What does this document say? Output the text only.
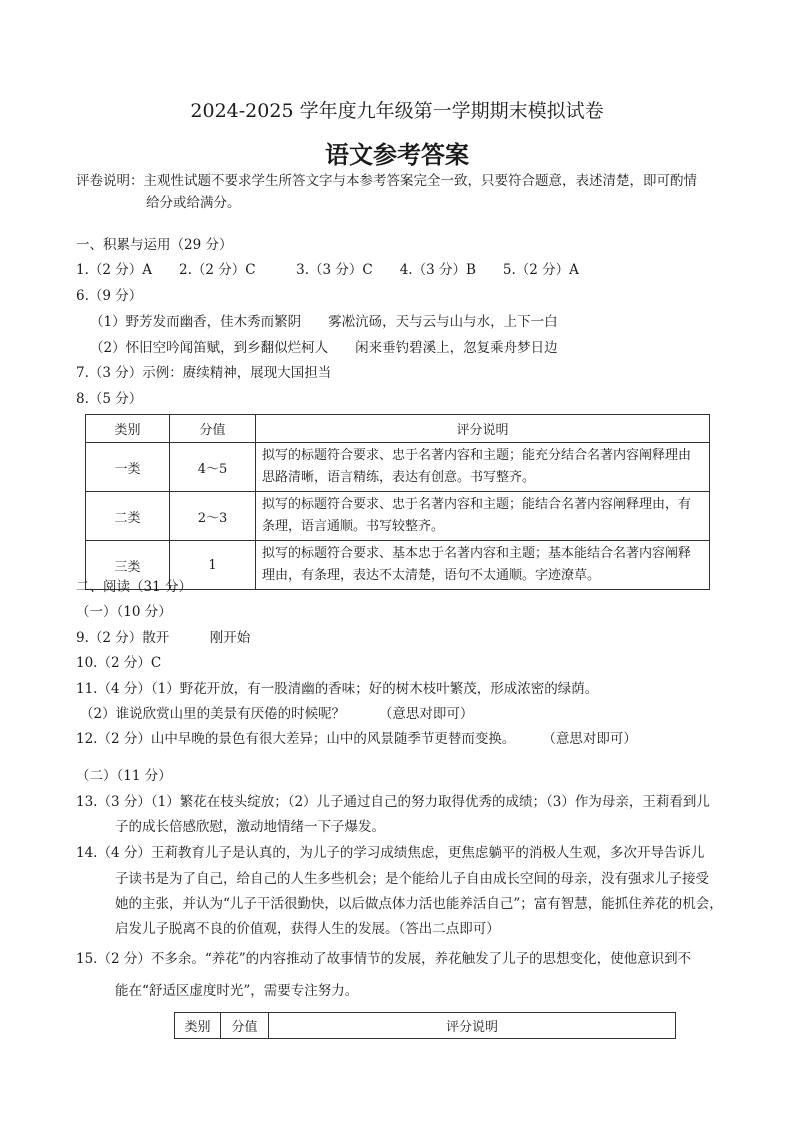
2024-2025 学年度九年级第一学期期末模拟试卷
语文参考答案
评卷说明：主观性试题不要求学生所答文字与本参考答案完全一致，只要符合题意，表述清楚，即可酌情
给分或给满分。
一、积累与运用（29 分）
1.（2 分）A　　2.（2 分）C　　　3.（3 分）C　　4.（3 分）B　　5.（2 分）A
6.（9 分）
（1）野芳发而幽香，佳木秀而繁阴　　雾凇沆砀，天与云与山与水，上下一白
（2）怀旧空吟闻笛赋，到乡翻似烂柯人　　闲来垂钓碧溪上，忽复乘舟梦日边
7.（3 分）示例：赓续精神，展现大国担当
8.（5 分）
类别	分值	评分说明
一类	4～5	拟写的标题符合要求、忠于名著内容和主题；能充分结合名著内容阐释理由思路清晰，语言精练，表达有创意。书写整齐。
二类	2～3	拟写的标题符合要求、忠于名著内容和主题；能结合名著内容阐释理由，有条理，语言通顺。书写较整齐。
三类	1	拟写的标题符合要求、基本忠于名著内容和主题；基本能结合名著内容阐释理由，有条理，表达不太清楚，语句不太通顺。字迹潦草。
二、阅读（31 分）
（一）（10 分）
9.（2 分）散开　　　刚开始
10.（2 分）C
11.（4 分）（1）野花开放，有一股清幽的香味；好的树木枝叶繁茂，形成浓密的绿荫。
（2）谁说欣赏山里的美景有厌倦的时候呢？　　　（意思对即可）
12.（2 分）山中早晚的景色有很大差异；山中的风景随季节更替而变换。　　　（意思对即可）
（二）（11 分）
13.（3 分）（1）繁花在枝头绽放；（2）儿子通过自己的努力取得优秀的成绩；（3）作为母亲，王莉看到儿
子的成长倍感欣慰，激动地情绪一下子爆发。
14.（4 分）王莉教育儿子是认真的，为儿子的学习成绩焦虑，更焦虑躺平的消极人生观，多次开导告诉儿
子读书是为了自己，给自己的人生多些机会；是个能给儿子自由成长空间的母亲，没有强求儿子接受
她的主张，并认为“儿子干活很勤快，以后做点体力活也能养活自己”；富有智慧，能抓住养花的机会，
启发儿子脱离不良的价值观，获得人生的发展。（答出二点即可）
15.（2 分）不多余。“养花”的内容推动了故事情节的发展，养花触发了儿子的思想变化，使他意识到不
能在“舒适区虚度时光”，需要专注努力。
类别	分值	评分说明
